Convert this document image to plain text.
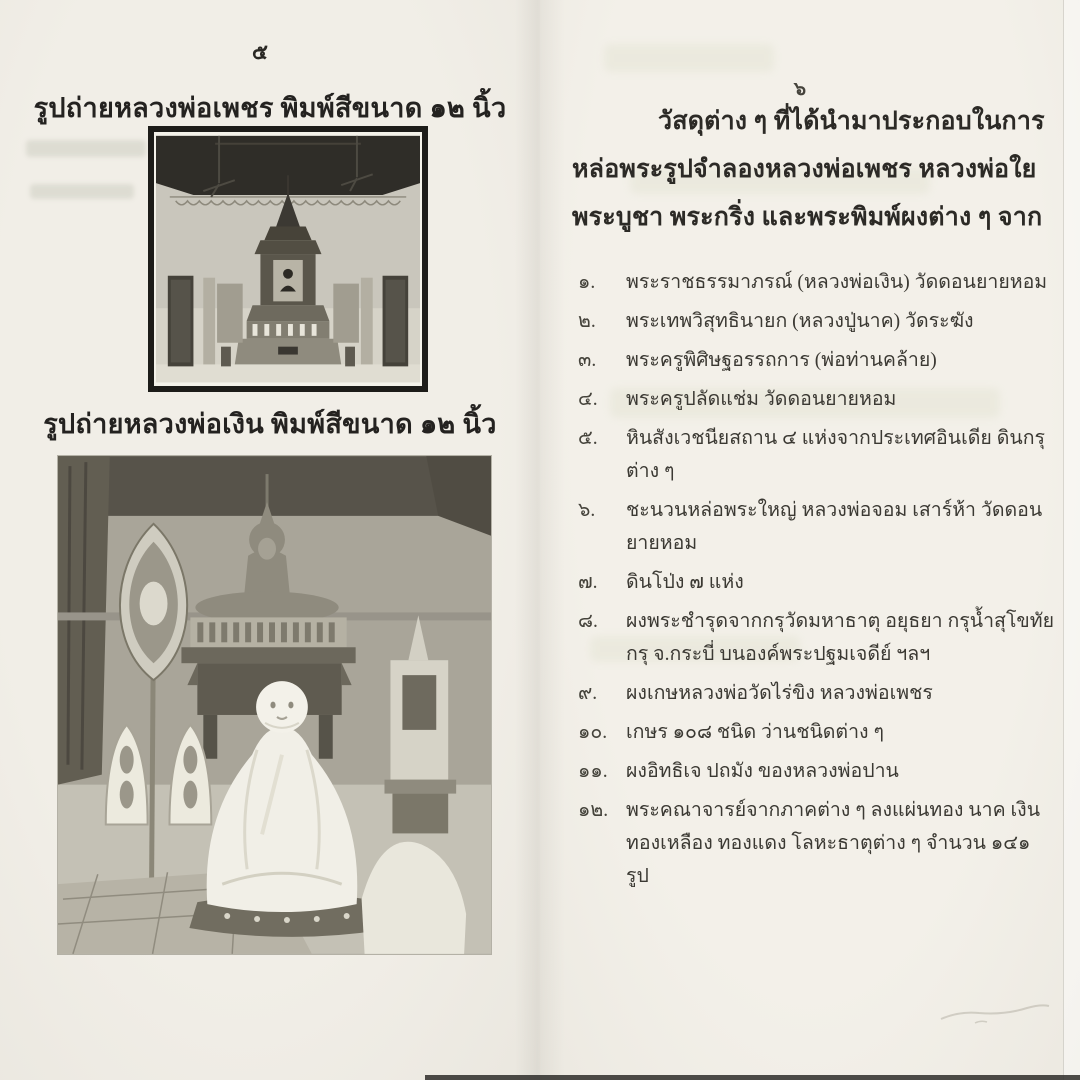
๕
รูปถ่ายหลวงพ่อเพชร พิมพ์สีขนาด ๑๒ นิ้ว
รูปถ่ายหลวงพ่อเงิน พิมพ์สีขนาด ๑๒ นิ้ว
๖
วัสดุต่าง ๆ ที่ได้นำมาประกอบในการ
หล่อพระรูปจำลองหลวงพ่อเพชร หลวงพ่อใย
พระบูชา พระกริ่ง และพระพิมพ์ผงต่าง ๆ จาก
๑.	พระราชธรรมาภรณ์ (หลวงพ่อเงิน) วัดดอนยายหอม
๒.	พระเทพวิสุทธินายก (หลวงปู่นาค) วัดระฆัง
๓.	พระครูพิศิษฐอรรถการ (พ่อท่านคล้าย)
๔.	พระครูปลัดแช่ม วัดดอนยายหอม
๕.	หินสังเวชนียสถาน ๔ แห่งจากประเทศอินเดีย ดินกรุต่าง ๆ
๖.	ชะนวนหล่อพระใหญ่ หลวงพ่อจอม เสาร์ห้า วัดดอนยายหอม
๗.	ดินโป่ง ๗ แห่ง
๘.	ผงพระชำรุดจากกรุวัดมหาธาตุ อยุธยา กรุน้ำสุโขทัย กรุ จ.กระบี่ บนองค์พระปฐมเจดีย์ ฯลฯ
๙.	ผงเกษหลวงพ่อวัดไร่ขิง หลวงพ่อเพชร
๑๐. เกษร ๑๐๘ ชนิด ว่านชนิดต่าง ๆ
๑๑. ผงอิทธิเจ ปถมัง ของหลวงพ่อปาน
๑๒. พระคณาจารย์จากภาคต่าง ๆ ลงแผ่นทอง นาค เงิน ทองเหลือง ทองแดง โลหะธาตุต่าง ๆ จำนวน ๑๔๑ รูป
